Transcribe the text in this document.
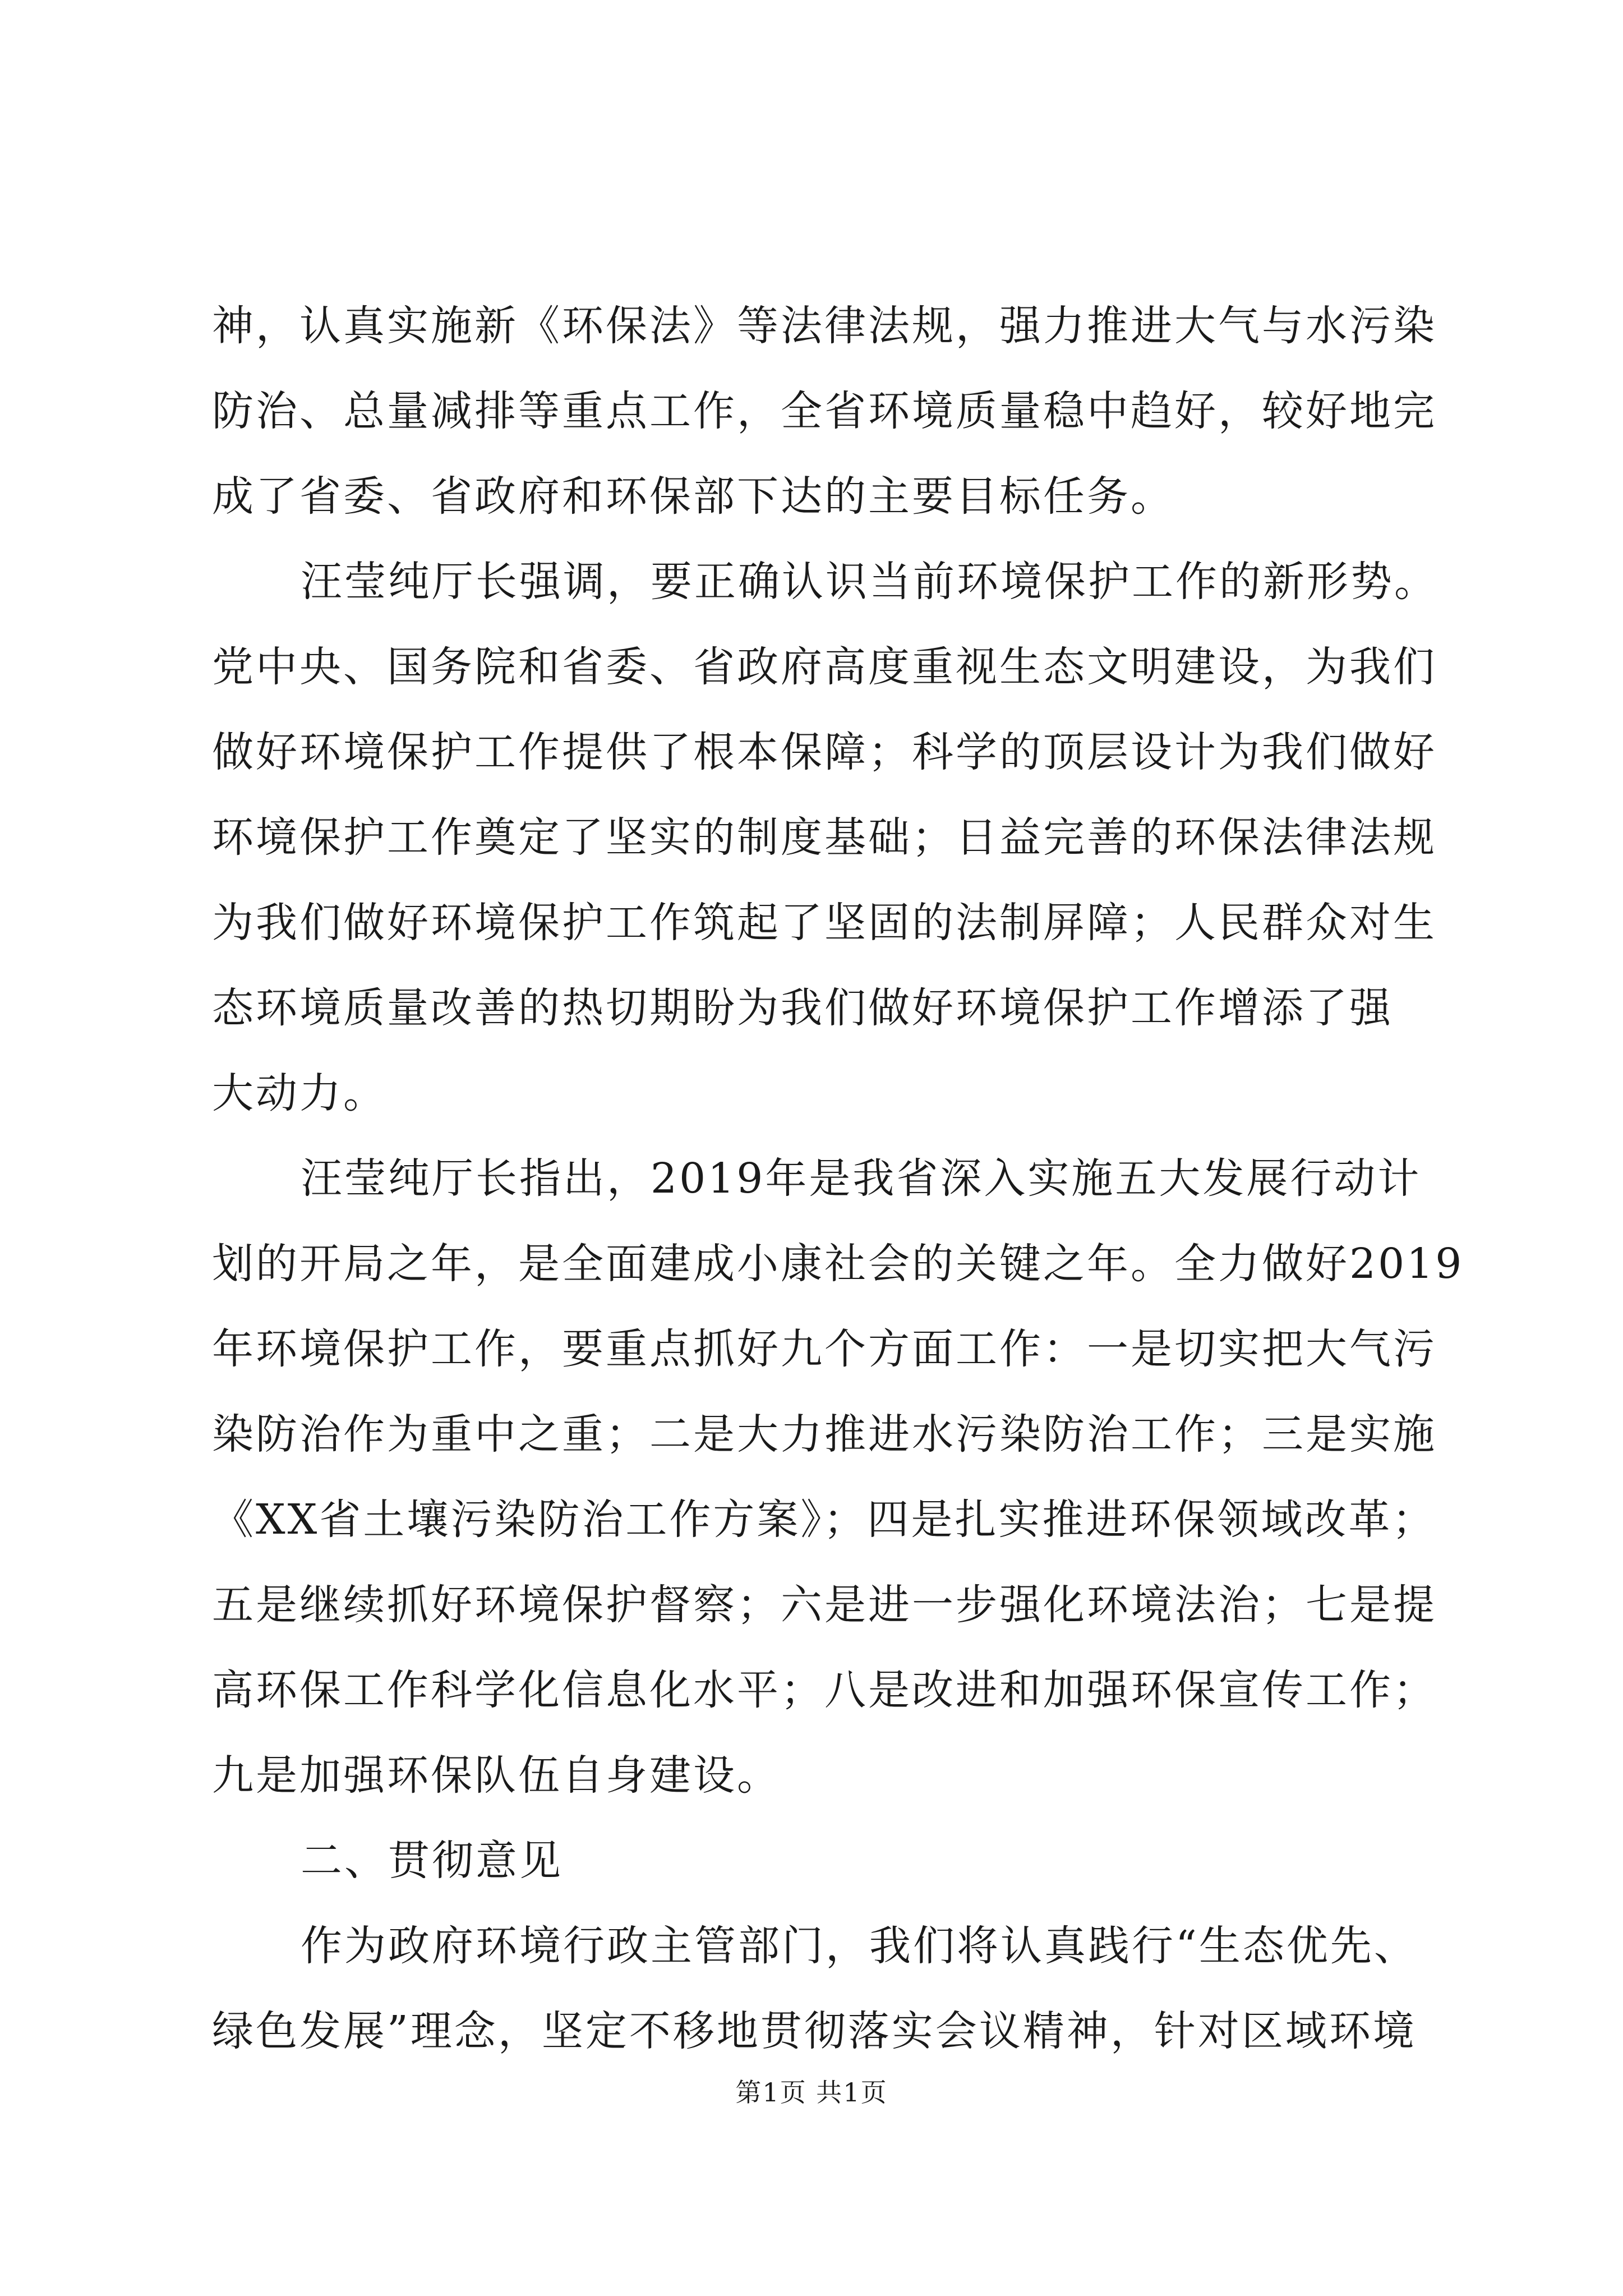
神，认真实施新《环保法》等法律法规，强力推进大气与水污染
防治、总量减排等重点工作，全省环境质量稳中趋好，较好地完
成了省委、省政府和环保部下达的主要目标任务。
汪莹纯厅长强调，要正确认识当前环境保护工作的新形势。
党中央、国务院和省委、省政府高度重视生态文明建设，为我们
做好环境保护工作提供了根本保障；科学的顶层设计为我们做好
环境保护工作奠定了坚实的制度基础；日益完善的环保法律法规
为我们做好环境保护工作筑起了坚固的法制屏障；人民群众对生
态环境质量改善的热切期盼为我们做好环境保护工作增添了强
大动力。
汪莹纯厅长指出，2019年是我省深入实施五大发展行动计
划的开局之年，是全面建成小康社会的关键之年。全力做好2019
年环境保护工作，要重点抓好九个方面工作：一是切实把大气污
染防治作为重中之重；二是大力推进水污染防治工作；三是实施
《XX省土壤污染防治工作方案》；四是扎实推进环保领域改革；
五是继续抓好环境保护督察；六是进一步强化环境法治；七是提
高环保工作科学化信息化水平；八是改进和加强环保宣传工作；
九是加强环保队伍自身建设。
二、贯彻意见
作为政府环境行政主管部门，我们将认真践行“生态优先、
绿色发展”理念，坚定不移地贯彻落实会议精神，针对区域环境
第1页 共1页
